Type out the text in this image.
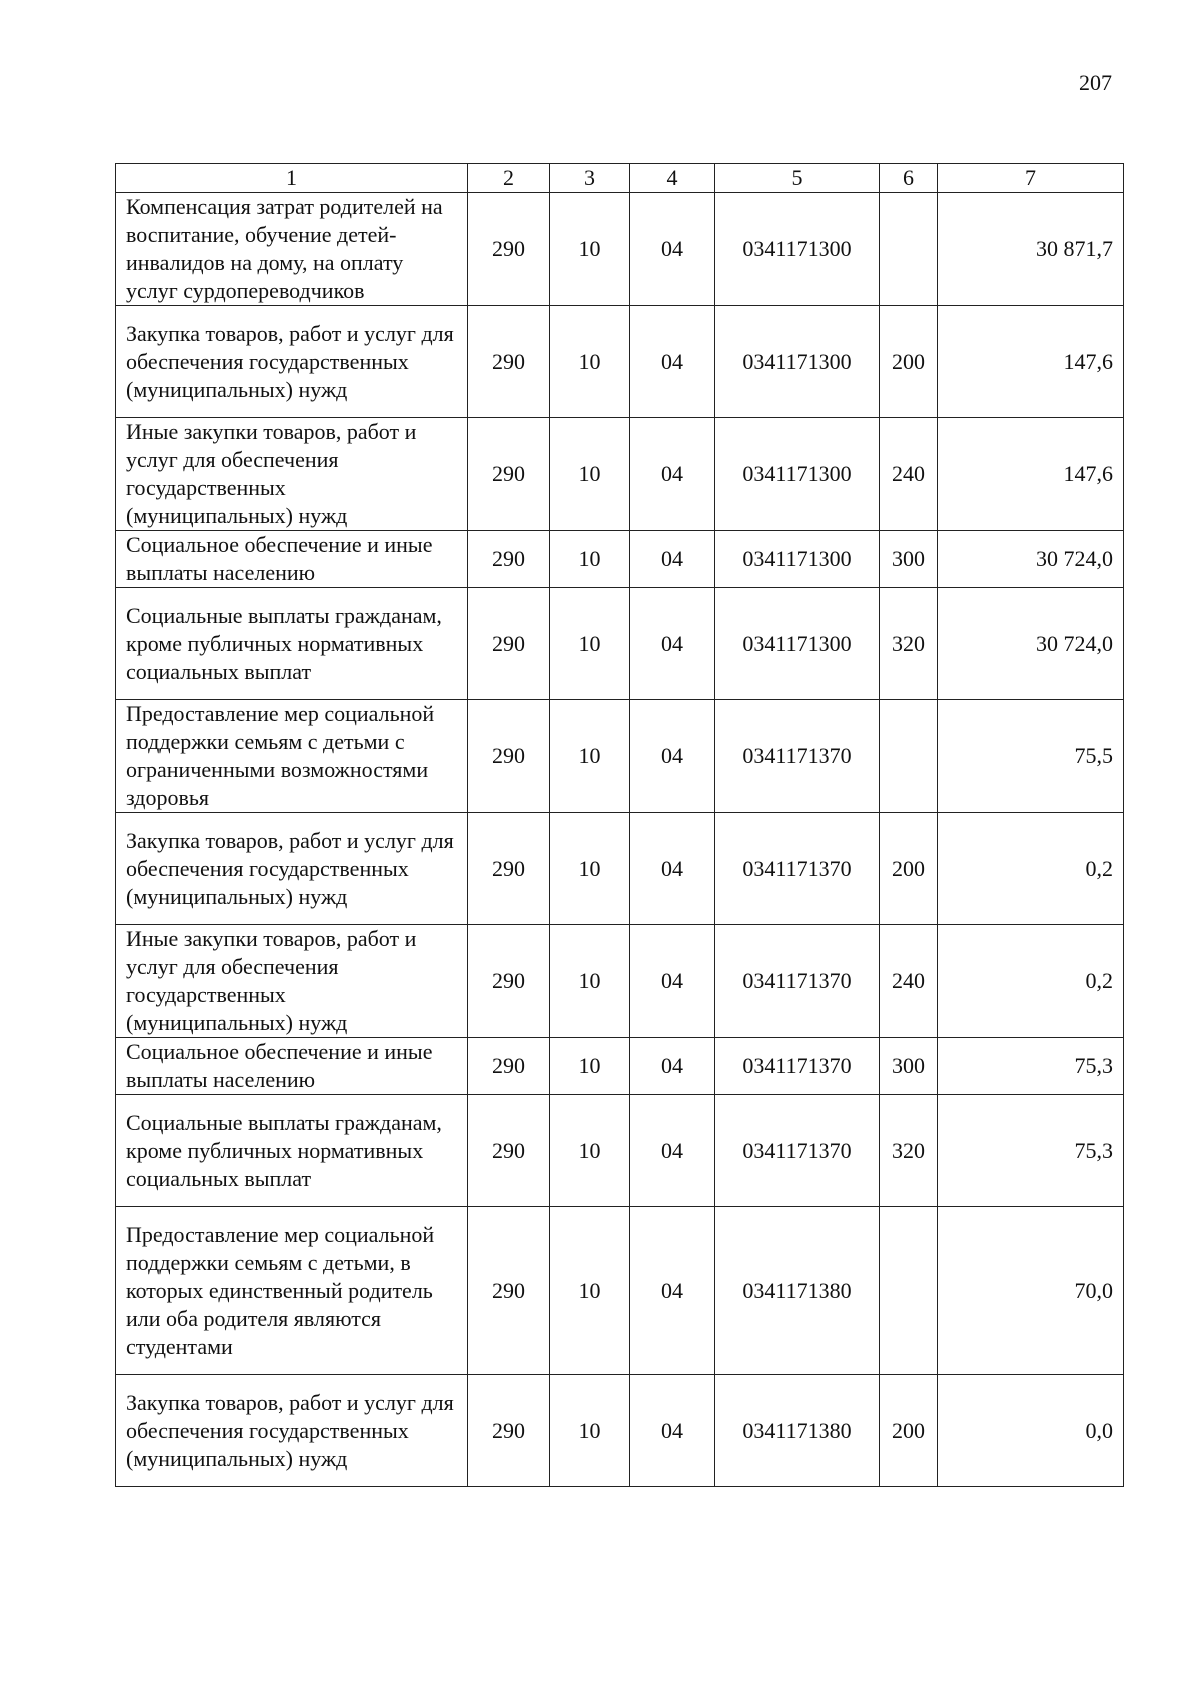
207
1	2	3	4	5	6	7
Компенсация затрат родителей на воспитание, обучение детей-инвалидов на дому, на оплату услуг сурдопереводчиков	290	10	04	0341171300		30 871,7
Закупка товаров, работ и услуг для обеспечения государственных (муниципальных) нужд	290	10	04	0341171300	200	147,6
Иные закупки товаров, работ и услуг для обеспечения государственных (муниципальных) нужд	290	10	04	0341171300	240	147,6
Социальное обеспечение и иные выплаты населению	290	10	04	0341171300	300	30 724,0
Социальные выплаты гражданам, кроме публичных нормативных социальных выплат	290	10	04	0341171300	320	30 724,0
Предоставление мер социальной поддержки семьям с детьми с ограниченными возможностями здоровья	290	10	04	0341171370		75,5
Закупка товаров, работ и услуг для обеспечения государственных (муниципальных) нужд	290	10	04	0341171370	200	0,2
Иные закупки товаров, работ и услуг для обеспечения государственных (муниципальных) нужд	290	10	04	0341171370	240	0,2
Социальное обеспечение и иные выплаты населению	290	10	04	0341171370	300	75,3
Социальные выплаты гражданам, кроме публичных нормативных социальных выплат	290	10	04	0341171370	320	75,3
Предоставление мер социальной поддержки семьям с детьми, в которых единственный родитель или оба родителя являются студентами	290	10	04	0341171380		70,0
Закупка товаров, работ и услуг для обеспечения государственных (муниципальных) нужд	290	10	04	0341171380	200	0,0
